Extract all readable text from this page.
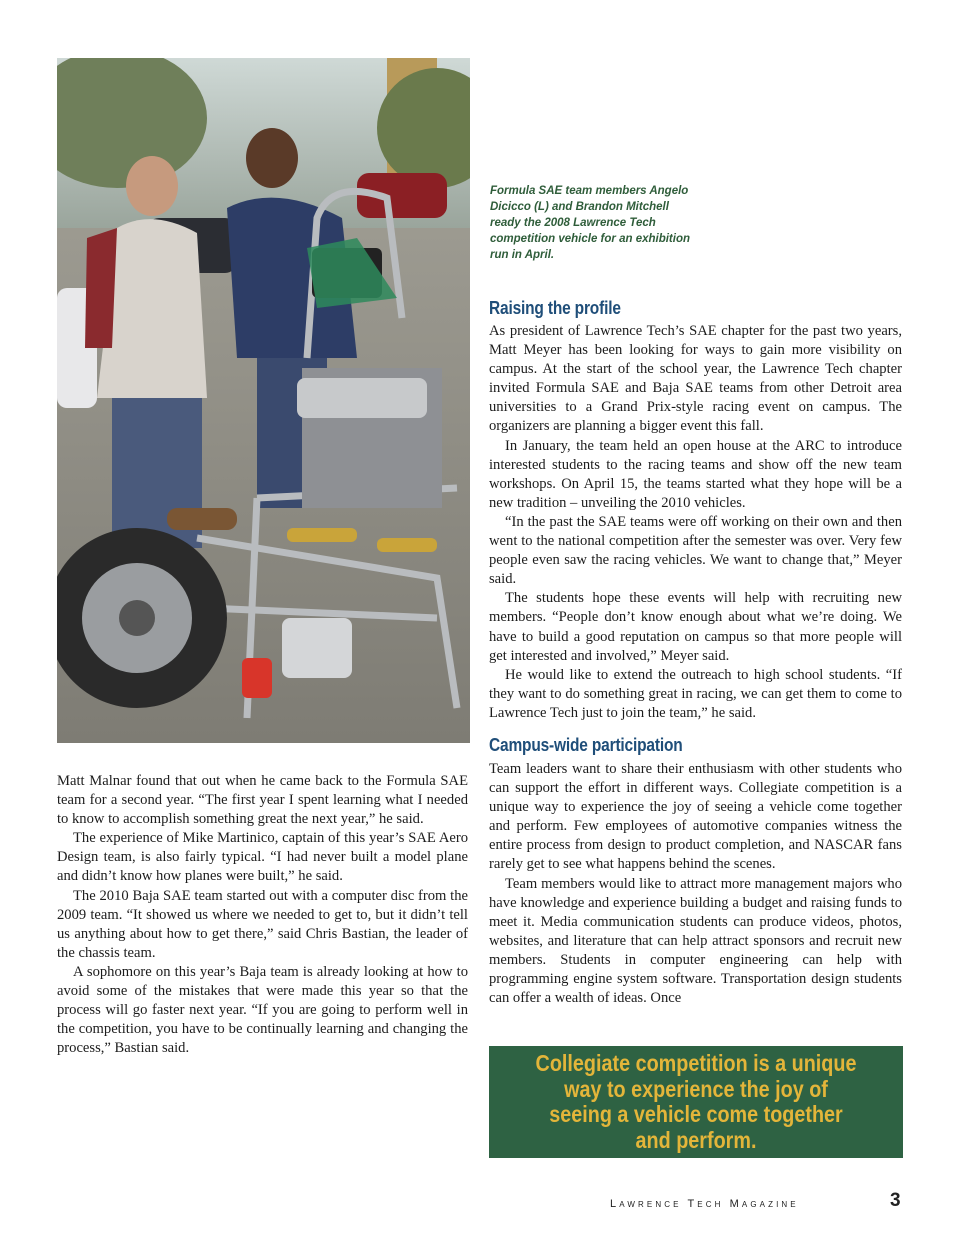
Formula SAE team members Angelo Dicicco (L) and Brandon Mitchell ready the 2008 Lawrence Tech competition vehicle for an exhibition run in April.

Matt Malnar found that out when he came back to the Formula SAE team for a second year. “The first year I spent learning what I needed to know to accomplish something great the next year,” he said.

The experience of Mike Martinico, captain of this year’s SAE Aero Design team, is also fairly typical. “I had never built a model plane and didn’t know how planes were built,” he said.

The 2010 Baja SAE team started out with a computer disc from the 2009 team. “It showed us where we needed to get to, but it didn’t tell us anything about how to get there,” said Chris Bastian, the leader of the chassis team.

A sophomore on this year’s Baja team is already looking at how to avoid some of the mistakes that were made this year so that the process will go faster next year. “If you are going to perform well in the competition, you have to be continually learning and changing the process,” Bastian said.

Raising the profile

As president of Lawrence Tech’s SAE chapter for the past two years, Matt Meyer has been looking for ways to gain more visibility on campus. At the start of the school year, the Lawrence Tech chapter invited Formula SAE and Baja SAE teams from other Detroit area universities to a Grand Prix-style racing event on campus. The organizers are planning a bigger event this fall.

In January, the team held an open house at the ARC to introduce interested students to the racing teams and show off the new team workshops. On April 15, the teams started what they hope will be a new tradition – unveiling the 2010 vehicles.

“In the past the SAE teams were off working on their own and then went to the national competition after the semester was over. Very few people even saw the racing vehicles. We want to change that,” Meyer said.

The students hope these events will help with recruiting new members. “People don’t know enough about what we’re doing. We have to build a good reputation on campus so that more people will get interested and involved,” Meyer said.

He would like to extend the outreach to high school students. “If they want to do something great in racing, we can get them to come to Lawrence Tech just to join the team,” he said.

Campus-wide participation

Team leaders want to share their enthusiasm with other students who can support the effort in different ways. Collegiate competition is a unique way to experience the joy of seeing a vehicle come together and perform. Few employees of automotive companies witness the entire process from design to product completion, and NASCAR fans rarely get to see what happens behind the scenes.

Team members would like to attract more management majors who have knowledge and experience building a budget and raising funds to meet it. Media communication students can produce videos, photos, websites, and literature that can help attract sponsors and recruit new members. Students in computer engineering can help with programming engine system software. Transportation design students can offer a wealth of ideas. Once

Collegiate competition is a unique way to experience the joy of seeing a vehicle come together and perform.
Lawrence Tech Magazine	3
